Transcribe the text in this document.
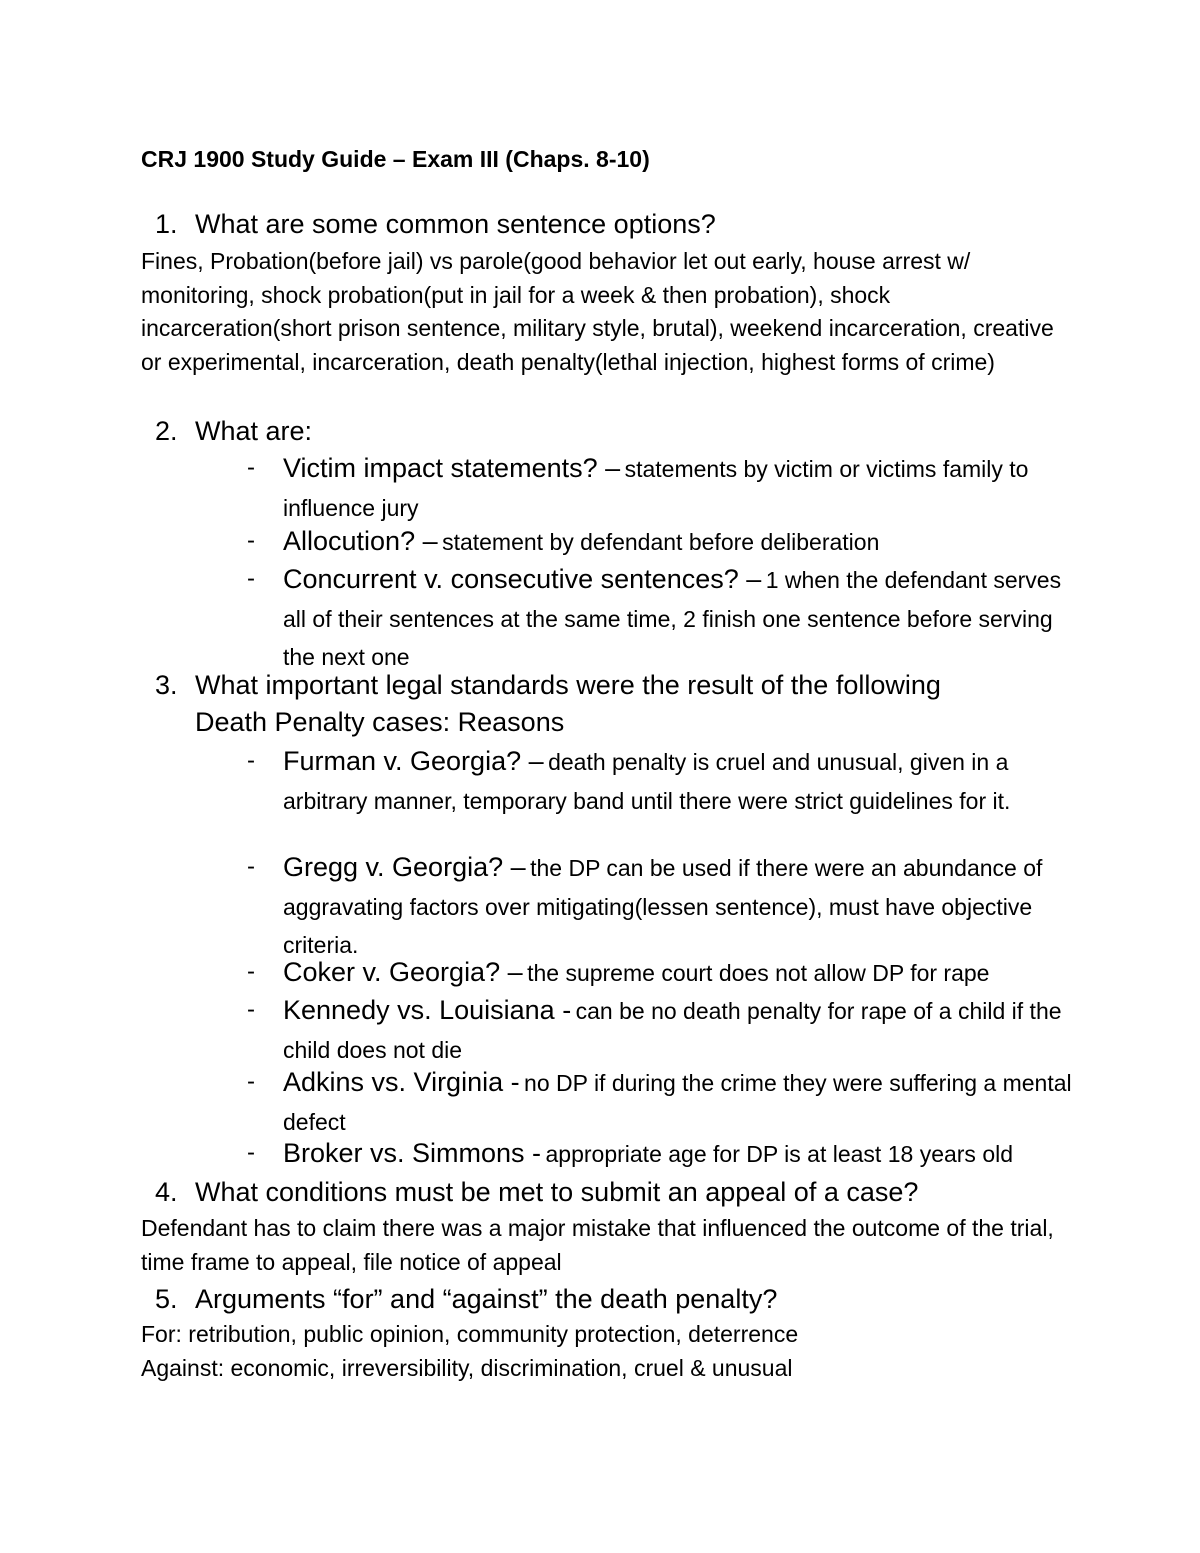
CRJ 1900 Study Guide – Exam III (Chaps. 8-10)
1. What are some common sentence options?

Fines, Probation(before jail) vs parole(good behavior let out early, house arrest w/ monitoring, shock probation(put in jail for a week & then probation), shock incarceration(short prison sentence, military style, brutal), weekend incarceration, creative or experimental, incarceration, death penalty(lethal injection, highest forms of crime)

2. What are:
- Victim impact statements? – statements by victim or victims family to influence jury
- Allocution? – statement by defendant before deliberation
- Concurrent v. consecutive sentences? – 1 when the defendant serves all of their sentences at the same time, 2 finish one sentence before serving the next one
3. What important legal standards were the result of the following
Death Penalty cases: Reasons
- Furman v. Georgia? – death penalty is cruel and unusual, given in a arbitrary manner, temporary band until there were strict guidelines for it.
- Gregg v. Georgia? – the DP can be used if there were an abundance of aggravating factors over mitigating(lessen sentence), must have objective criteria.
- Coker v. Georgia? – the supreme court does not allow DP for rape
- Kennedy vs. Louisiana - can be no death penalty for rape of a child if the child does not die
- Adkins vs. Virginia - no DP if during the crime they were suffering a mental defect
- Broker vs. Simmons - appropriate age for DP is at least 18 years old
4. What conditions must be met to submit an appeal of a case?

Defendant has to claim there was a major mistake that influenced the outcome of the trial, time frame to appeal, file notice of appeal

5. Arguments “for” and “against” the death penalty?

For: retribution, public opinion, community protection, deterrence

Against: economic, irreversibility, discrimination, cruel & unusual
